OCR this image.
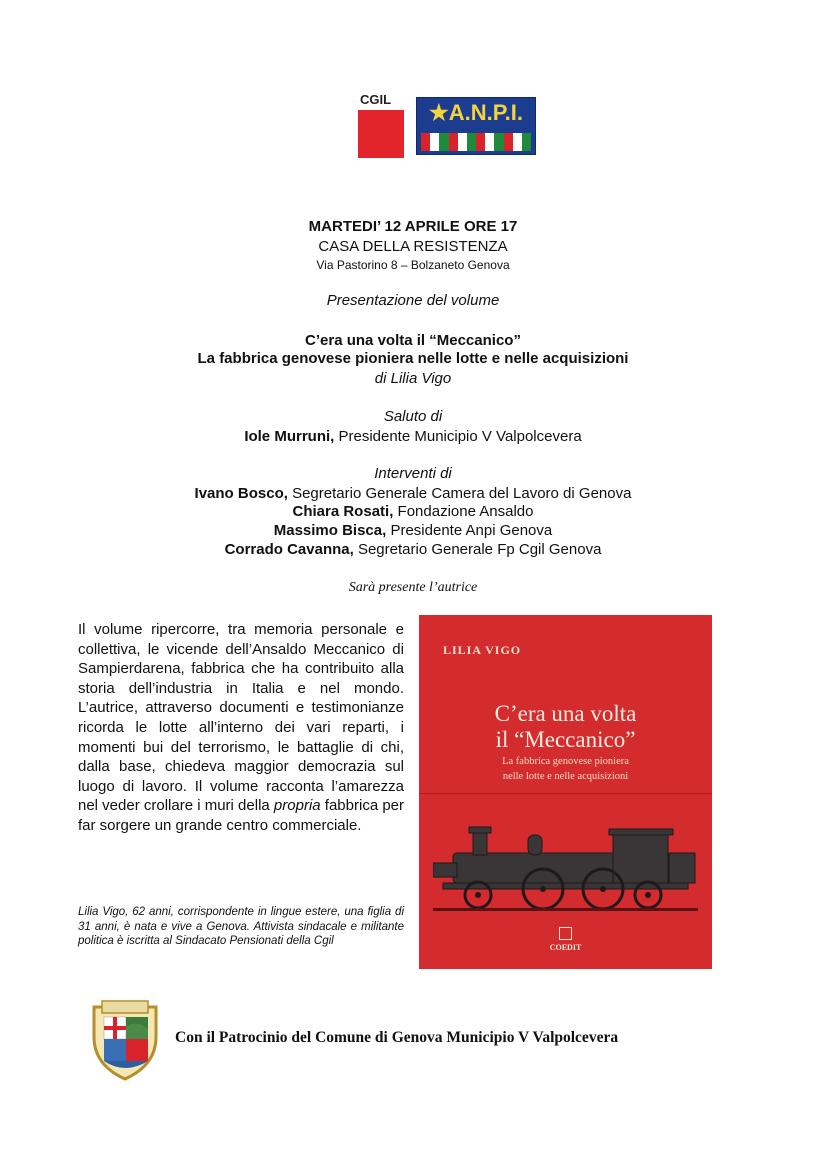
CGIL
★A.N.P.I.
MARTEDI’ 12 APRILE ORE 17
CASA DELLA RESISTENZA
Via Pastorino 8 – Bolzaneto Genova
Presentazione del volume
C’era una volta il “Meccanico”
La fabbrica genovese pioniera nelle lotte e nelle acquisizioni
di Lilia Vigo
Saluto di
Iole Murruni, Presidente Municipio V Valpolcevera
Interventi di
Ivano Bosco, Segretario Generale Camera del Lavoro di Genova
Chiara Rosati, Fondazione Ansaldo
Massimo Bisca, Presidente Anpi Genova
Corrado Cavanna, Segretario Generale Fp Cgil Genova
Sarà presente l’autrice
Il volume ripercorre, tra memoria personale e collettiva, le vicende dell’Ansaldo Meccanico di Sampierdarena, fabbrica che ha contribuito alla storia dell’industria in Italia e nel mondo. L’autrice, attraverso documenti e testimonianze ricorda le lotte all’interno dei vari reparti, i momenti bui del terrorismo, le battaglie di chi, dalla base, chiedeva maggior democrazia sul luogo di lavoro. Il volume racconta l’amarezza nel veder crollare i muri della propria fabbrica per far sorgere un grande centro commerciale.
Lilia Vigo, 62 anni, corrispondente in lingue estere, una figlia di 31 anni, è nata e vive a Genova. Attivista sindacale e militante politica è iscritta al Sindacato Pensionati della Cgil
LILIA VIGO
C’era una volta
il “Meccanico”
La fabbrica genovese pioniera
nelle lotte e nelle acquisizioni
COEDIT
Con il Patrocinio del Comune di Genova Municipio V Valpolcevera
